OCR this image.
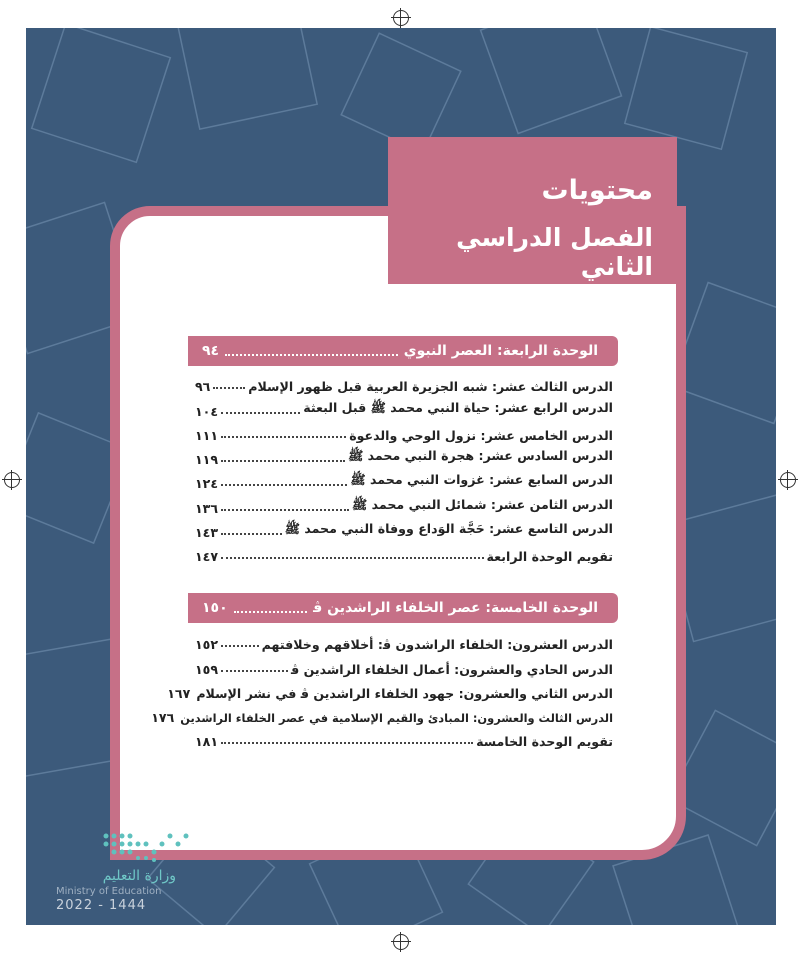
محتويات
الفصل الدراسي الثاني
الوحدة الرابعة: العصر النبوي
٩٤
الدرس الثالث عشر: شبه الجزيرة العربية قبل ظهور الإسلام
٩٦
الدرس الرابع عشر: حياة النبي محمد ﷺ قبل البعثة
١٠٤
الدرس الخامس عشر: نزول الوحي والدعوة
١١١
الدرس السادس عشر: هجرة النبي محمد ﷺ
١١٩
الدرس السابع عشر: غزوات النبي محمد ﷺ
١٢٤
الدرس الثامن عشر: شمائل النبي محمد ﷺ
١٣٦
الدرس التاسع عشر: حَجَّة الوَداع ووفاة النبي محمد ﷺ
١٤٣
تقويم الوحدة الرابعة
١٤٧
الوحدة الخامسة: عصر الخلفاء الراشدين ﭬ
١٥٠
الدرس العشرون: الخلفاء الراشدون ﭬ: أخلاقهم وخلافتهم
١٥٢
الدرس الحادي والعشرون: أعمال الخلفاء الراشدين ﭬ
١٥٩
الدرس الثاني والعشرون: جهود الخلفاء الراشدين ﭬ في نشر الإسلام
١٦٧
الدرس الثالث والعشرون: المبادئ والقيم الإسلامية في عصر الخلفاء الراشدين
١٧٦
تقويم الوحدة الخامسة
١٨١
وزارة التعليم
Ministry of Education
2022 - 1444
